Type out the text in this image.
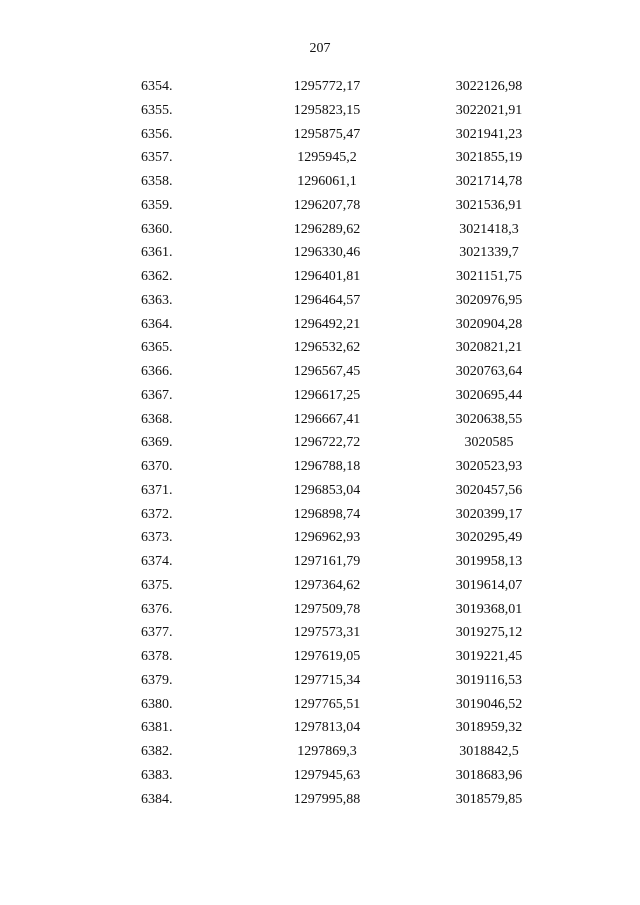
207
6354.	1295772,17	3022126,98
6355.	1295823,15	3022021,91
6356.	1295875,47	3021941,23
6357.	1295945,2	3021855,19
6358.	1296061,1	3021714,78
6359.	1296207,78	3021536,91
6360.	1296289,62	3021418,3
6361.	1296330,46	3021339,7
6362.	1296401,81	3021151,75
6363.	1296464,57	3020976,95
6364.	1296492,21	3020904,28
6365.	1296532,62	3020821,21
6366.	1296567,45	3020763,64
6367.	1296617,25	3020695,44
6368.	1296667,41	3020638,55
6369.	1296722,72	3020585
6370.	1296788,18	3020523,93
6371.	1296853,04	3020457,56
6372.	1296898,74	3020399,17
6373.	1296962,93	3020295,49
6374.	1297161,79	3019958,13
6375.	1297364,62	3019614,07
6376.	1297509,78	3019368,01
6377.	1297573,31	3019275,12
6378.	1297619,05	3019221,45
6379.	1297715,34	3019116,53
6380.	1297765,51	3019046,52
6381.	1297813,04	3018959,32
6382.	1297869,3	3018842,5
6383.	1297945,63	3018683,96
6384.	1297995,88	3018579,85
